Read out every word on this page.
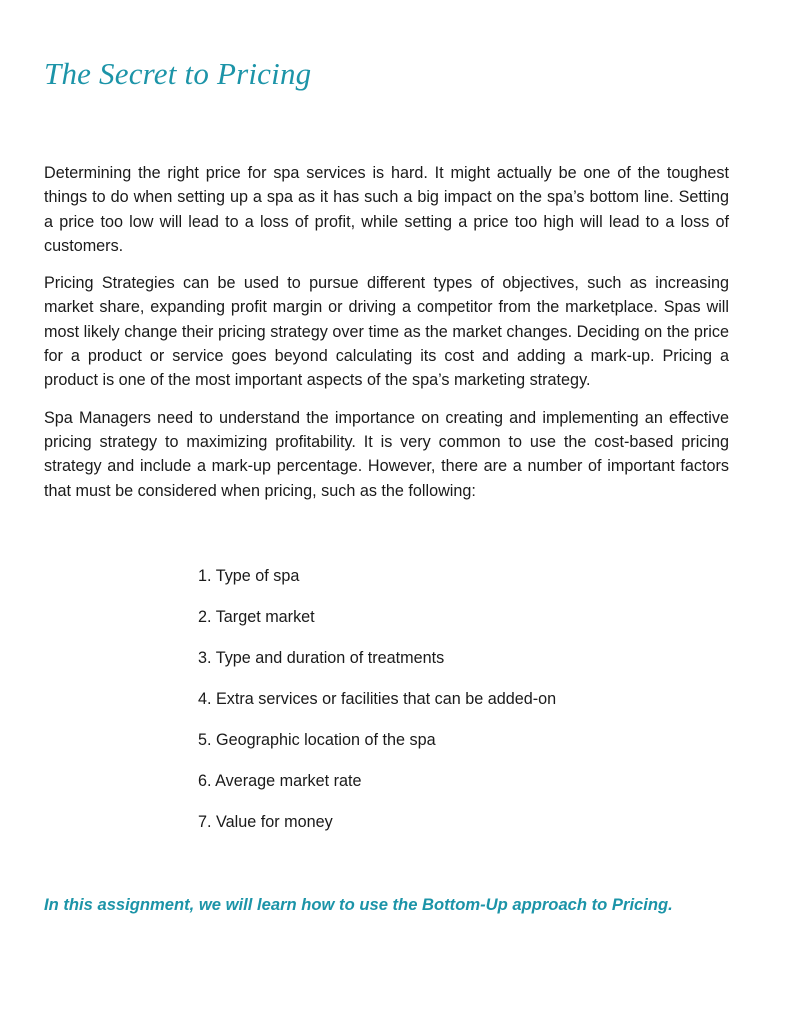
The Secret to Pricing

Determining the right price for spa services is hard. It might actually be one of the toughest things to do when setting up a spa as it has such a big impact on the spa’s bottom line. Setting a price too low will lead to a loss of profit, while setting a price too high will lead to a loss of customers.

Pricing Strategies can be used to pursue different types of objectives, such as increasing market share, expanding profit margin or driving a competitor from the marketplace. Spas will most likely change their pricing strategy over time as the market changes. Deciding on the price for a product or service goes beyond calculating its cost and adding a mark-up. Pricing a product is one of the most important aspects of the spa’s marketing strategy.

Spa Managers need to understand the importance on creating and implementing an effective pricing strategy to maximizing profitability. It is very common to use the cost-based pricing strategy and include a mark-up percentage. However, there are a number of important factors that must be considered when pricing, such as the following:

1. Type of spa
2. Target market
3. Type and duration of treatments
4. Extra services or facilities that can be added-on
5. Geographic location of the spa
6. Average market rate
7. Value for money

In this assignment, we will learn how to use the Bottom-Up approach to Pricing.
